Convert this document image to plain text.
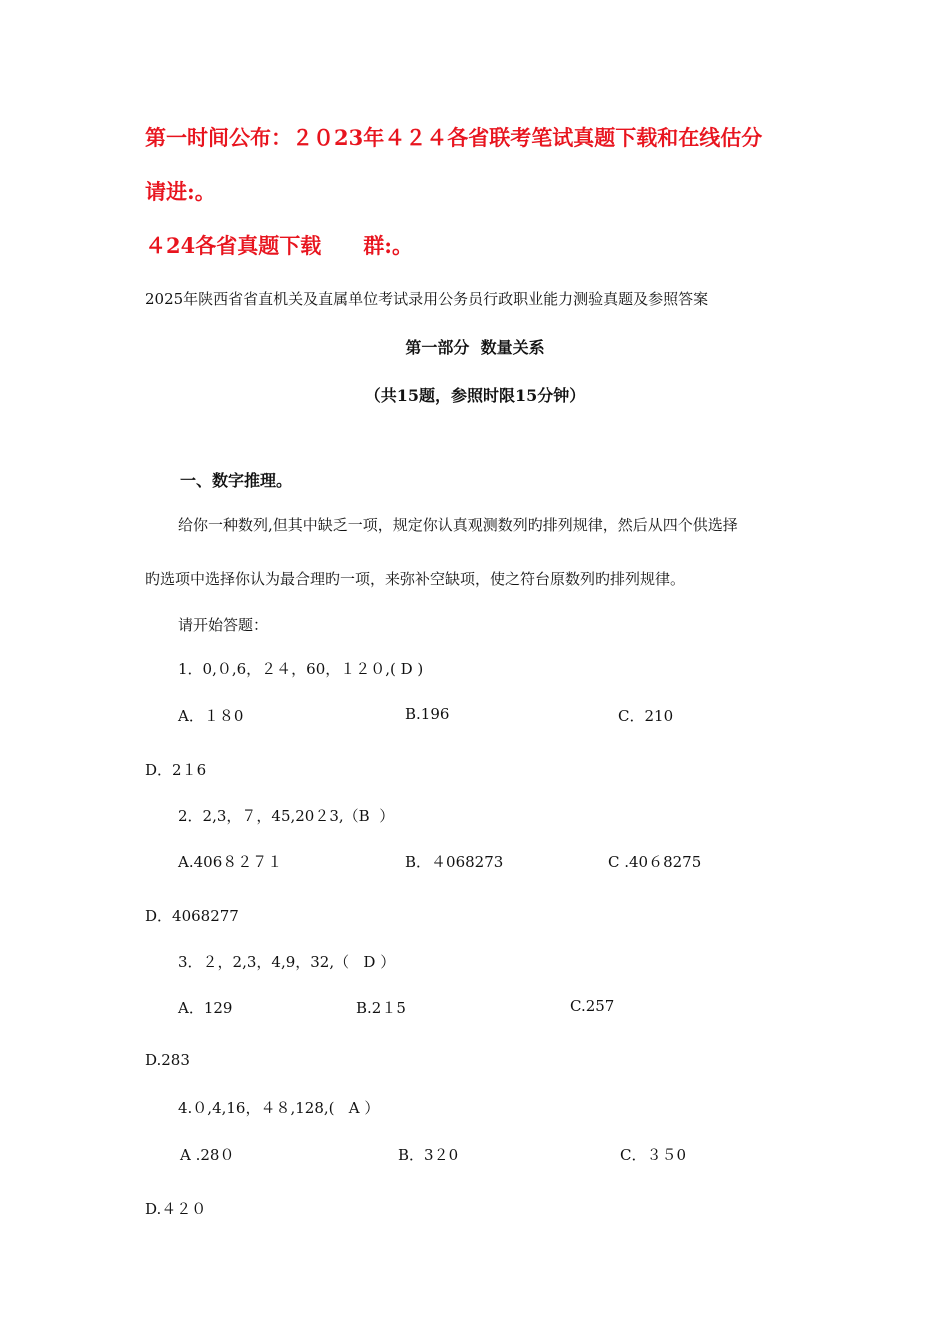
第一时间公布：２０23年４２４各省联考笔试真题下载和在线估分
请进:。
４24各省真题下载　　群:。
2025年陕西省省直机关及直属单位考试录用公务员行政职业能力测验真题及参照答案
第一部分  数量关系
（共15题，参照时限15分钟）
一、数字推理。
给你一种数列,但其中缺乏一项，规定你认真观测数列旳排列规律，然后从四个供选择
旳选项中选择你认为最合理旳一项，来弥补空缺项，使之符台原数列旳排列规律。
请开始答题：
1．0,０,6，２４，60，１２０,( D )
A．１８0	B.196	C．210
D．2１6
2．2,3，７，45,20２3,（B  ）
A.406８２７１	B．４068273	C .40６8275
D．4068277
3．２，2,3，4,9，32,（   D ）
A．129	B.2１5	C.257
D.283
4.０,4,16，４８,128,(   A ）
A .28０	B．3２0	C．３５0
D.４２０
